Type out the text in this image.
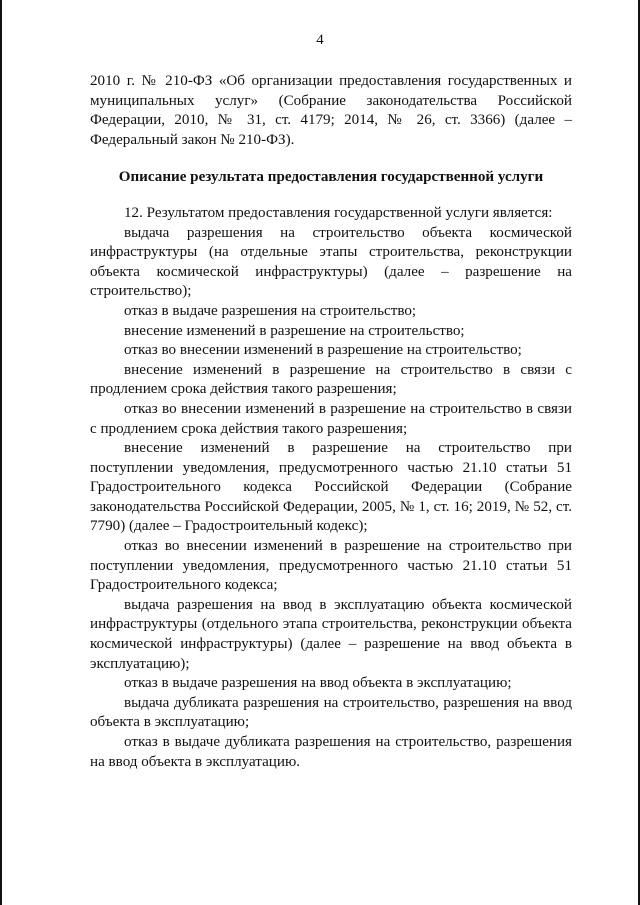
4

2010 г. № 210-ФЗ «Об организации предоставления государственных и муниципальных услуг» (Собрание законодательства Российской Федерации, 2010, № 31, ст. 4179; 2014, № 26, ст. 3366) (далее – Федеральный закон № 210-ФЗ).

Описание результата предоставления государственной услуги

12. Результатом предоставления государственной услуги является:

выдача разрешения на строительство объекта космической инфраструктуры (на отдельные этапы строительства, реконструкции объекта космической инфраструктуры) (далее – разрешение на строительство);

отказ в выдаче разрешения на строительство;

внесение изменений в разрешение на строительство;

отказ во внесении изменений в разрешение на строительство;

внесение изменений в разрешение на строительство в связи с продлением срока действия такого разрешения;

отказ во внесении изменений в разрешение на строительство в связи с продлением срока действия такого разрешения;

внесение изменений в разрешение на строительство при поступлении уведомления, предусмотренного частью 21.10 статьи 51 Градостроительного кодекса Российской Федерации (Собрание законодательства Российской Федерации, 2005, № 1, ст. 16; 2019, № 52, ст. 7790) (далее – Градостроительный кодекс);

отказ во внесении изменений в разрешение на строительство при поступлении уведомления, предусмотренного частью 21.10 статьи 51 Градостроительного кодекса;

выдача разрешения на ввод в эксплуатацию объекта космической инфраструктуры (отдельного этапа строительства, реконструкции объекта космической инфраструктуры) (далее – разрешение на ввод объекта в эксплуатацию);

отказ в выдаче разрешения на ввод объекта в эксплуатацию;

выдача дубликата разрешения на строительство, разрешения на ввод объекта в эксплуатацию;

отказ в выдаче дубликата разрешения на строительство, разрешения на ввод объекта в эксплуатацию.
